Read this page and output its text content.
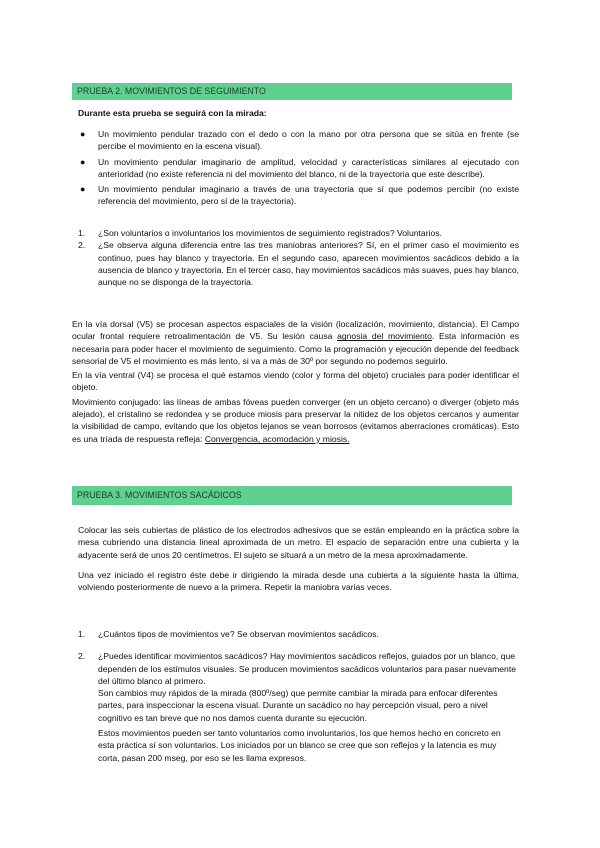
PRUEBA 2. MOVIMIENTOS DE SEGUIMIENTO

Durante esta prueba se seguirá con la mirada:

● Un movimiento pendular trazado con el dedo o con la mano por otra persona que se sitúa en frente (se percibe el movimiento en la escena visual).
● Un movimiento pendular imaginario de amplitud, velocidad y características similares al ejecutado con anterioridad (no existe referencia ni del movimiento del blanco, ni de la trayectoria que este describe).
● Un movimiento pendular imaginario a través de una trayectoria que sí que podemos percibir (no existe referencia del movimiento, pero sí de la trayectoria).
1. ¿Son voluntarios o involuntarios los movimientos de seguimiento registrados? Voluntarios.
2. ¿Se observa alguna diferencia entre las tres maniobras anteriores? Sí, en el primer caso el movimiento es continuo, pues hay blanco y trayectoria. En el segundo caso, aparecen movimientos sacádicos debido a la ausencia de blanco y trayectoria. En el tercer caso, hay movimientos sacádicos más suaves, pues hay blanco, aunque no se disponga de la trayectoria.

En la vía dorsal (V5) se procesan aspectos espaciales de la visión (localización, movimiento, distancia). El Campo ocular frontal requiere retroalimentación de V5. Su lesión causa agnosia del movimiento. Esta información es necesaria para poder hacer el movimiento de seguimiento. Como la programación y ejecución depende del feedback sensorial de V5 el movimiento es más lento, si va a más de 30º por segundo no podemos seguirlo.

En la vía ventral (V4) se procesa el qué estamos viendo (color y forma del objeto) cruciales para poder identificar el objeto.

Movimiento conjugado: las líneas de ambas fóveas pueden converger (en un objeto cercano) o diverger (objeto más alejado), el cristalino se redondea y se produce miosis para preservar la nitidez de los objetos cercanos y aumentar la visibilidad de campo, evitando que los objetos lejanos se vean borrosos (evitamos aberraciones cromáticas). Esto es una tríada de respuesta refleja: Convergencia, acomodación y miosis.

PRUEBA 3. MOVIMIENTOS SACÁDICOS

Colocar las seis cubiertas de plástico de los electrodos adhesivos que se están empleando en la práctica sobre la mesa cubriendo una distancia lineal aproximada de un metro. El espacio de separación entre una cubierta y la adyacente será de unos 20 centímetros. El sujeto se situará a un metro de la mesa aproximadamente.

Una vez iniciado el registro éste debe ir dirigiendo la mirada desde una cubierta a la siguiente hasta la última, volviendo posteriormente de nuevo a la primera. Repetir la maniobra varias veces.

1. ¿Cuántos tipos de movimientos ve? Se observan movimientos sacádicos.
2. ¿Puedes identificar movimientos sacádicos? Hay movimientos sacádicos reflejos, guiados por un blanco, que dependen de los estímulos visuales. Se producen movimientos sacádicos voluntarios para pasar nuevamente del último blanco al primero.

Son cambios muy rápidos de la mirada (800º/seg) que permite cambiar la mirada para enfocar diferentes partes, para inspeccionar la escena visual. Durante un sacádico no hay percepción visual, pero a nivel cognitivo es tan breve que no nos damos cuenta durante su ejecución.

Estos movimientos pueden ser tanto voluntarios como involuntarios, los que hemos hecho en concreto en esta práctica sí son voluntarios. Los iniciados por un blanco se cree que son reflejos y la latencia es muy corta, pasan 200 mseg, por eso se les llama expresos.
